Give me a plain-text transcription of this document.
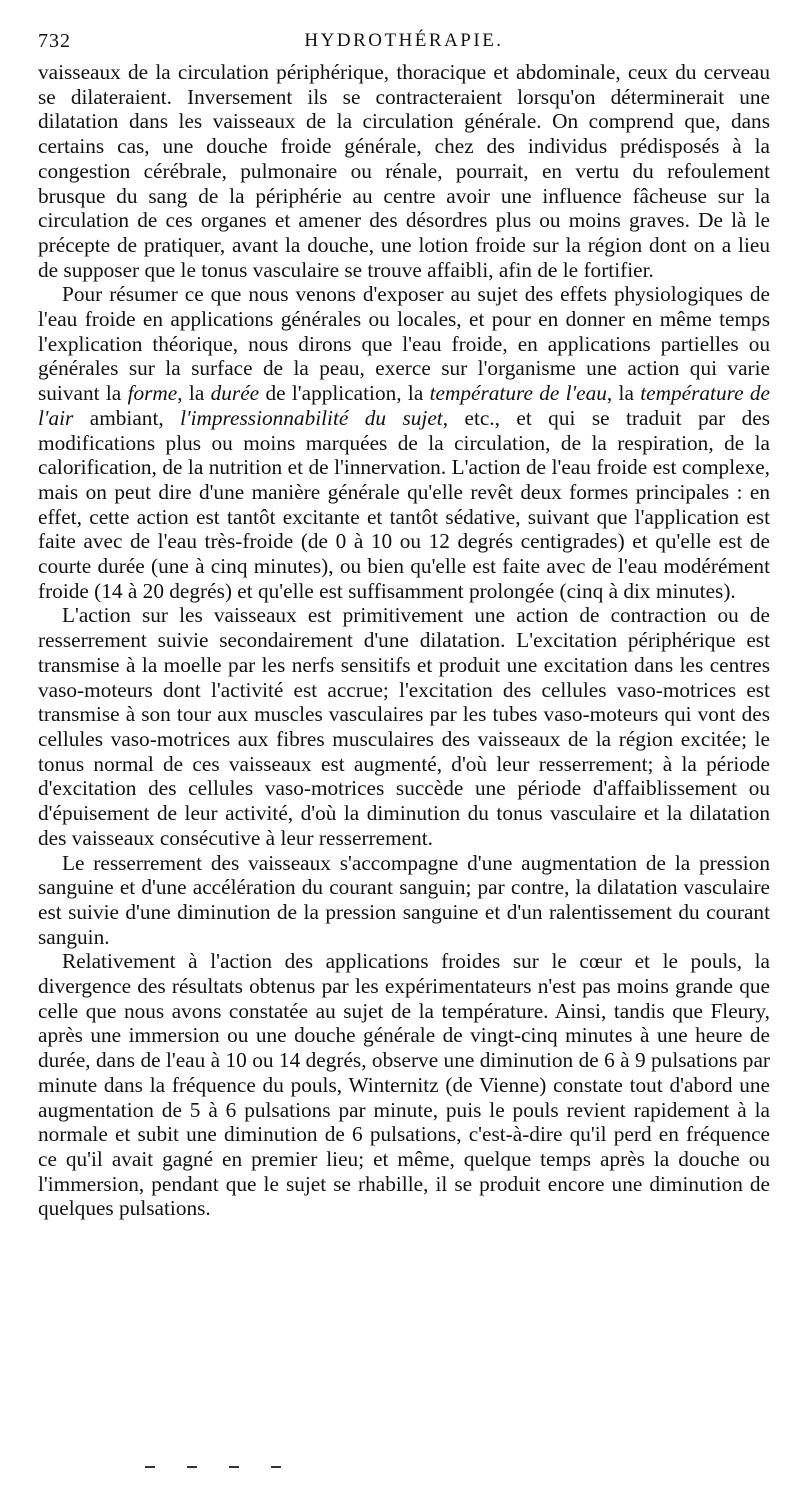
732	HYDROTHÉRAPIE.

vaisseaux de la circulation périphérique, thoracique et abdominale, ceux du cerveau se dilateraient. Inversement ils se contracteraient lorsqu'on déterminerait une dilatation dans les vaisseaux de la circulation générale. On comprend que, dans certains cas, une douche froide générale, chez des individus prédisposés à la congestion cérébrale, pulmonaire ou rénale, pourrait, en vertu du refoulement brusque du sang de la périphérie au centre avoir une influence fâcheuse sur la circulation de ces organes et amener des désordres plus ou moins graves. De là le précepte de pratiquer, avant la douche, une lotion froide sur la région dont on a lieu de supposer que le tonus vasculaire se trouve affaibli, afin de le fortifier.

Pour résumer ce que nous venons d'exposer au sujet des effets physiologiques de l'eau froide en applications générales ou locales, et pour en donner en même temps l'explication théorique, nous dirons que l'eau froide, en applications partielles ou générales sur la surface de la peau, exerce sur l'organisme une action qui varie suivant la forme, la durée de l'application, la température de l'eau, la température de l'air ambiant, l'impressionnabilité du sujet, etc., et qui se traduit par des modifications plus ou moins marquées de la circulation, de la respiration, de la calorification, de la nutrition et de l'innervation. L'action de l'eau froide est complexe, mais on peut dire d'une manière générale qu'elle revêt deux formes principales : en effet, cette action est tantôt excitante et tantôt sédative, suivant que l'application est faite avec de l'eau très-froide (de 0 à 10 ou 12 degrés centigrades) et qu'elle est de courte durée (une à cinq minutes), ou bien qu'elle est faite avec de l'eau modérément froide (14 à 20 degrés) et qu'elle est suffisamment prolongée (cinq à dix minutes).

L'action sur les vaisseaux est primitivement une action de contraction ou de resserrement suivie secondairement d'une dilatation. L'excitation périphérique est transmise à la moelle par les nerfs sensitifs et produit une excitation dans les centres vaso-moteurs dont l'activité est accrue; l'excitation des cellules vaso-motrices est transmise à son tour aux muscles vasculaires par les tubes vaso-moteurs qui vont des cellules vaso-motrices aux fibres musculaires des vaisseaux de la région excitée; le tonus normal de ces vaisseaux est augmenté, d'où leur resserrement; à la période d'excitation des cellules vaso-motrices succède une période d'affaiblissement ou d'épuisement de leur activité, d'où la diminution du tonus vasculaire et la dilatation des vaisseaux consécutive à leur resserrement.

Le resserrement des vaisseaux s'accompagne d'une augmentation de la pression sanguine et d'une accélération du courant sanguin; par contre, la dilatation vasculaire est suivie d'une diminution de la pression sanguine et d'un ralentissement du courant sanguin.

Relativement à l'action des applications froides sur le cœur et le pouls, la divergence des résultats obtenus par les expérimentateurs n'est pas moins grande que celle que nous avons constatée au sujet de la température. Ainsi, tandis que Fleury, après une immersion ou une douche générale de vingt-cinq minutes à une heure de durée, dans de l'eau à 10 ou 14 degrés, observe une diminution de 6 à 9 pulsations par minute dans la fréquence du pouls, Winternitz (de Vienne) constate tout d'abord une augmentation de 5 à 6 pulsations par minute, puis le pouls revient rapidement à la normale et subit une diminution de 6 pulsations, c'est-à-dire qu'il perd en fréquence ce qu'il avait gagné en premier lieu; et même, quelque temps après la douche ou l'immersion, pendant que le sujet se rhabille, il se produit encore une diminution de quelques pulsations.
